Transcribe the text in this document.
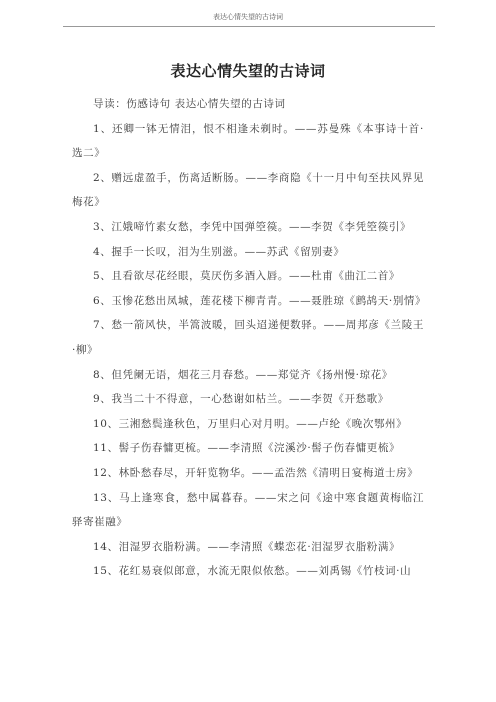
表达心情失望的古诗词
表达心情失望的古诗词

导读：伤感诗句 表达心情失望的古诗词

1、还卿一钵无情泪，恨不相逢未剃时。——苏曼殊《本事诗十首·选二》

2、赠远虚盈手，伤离适断肠。——李商隐《十一月中旬至扶风界见梅花》

3、江娥啼竹素女愁，李凭中国弹箜篌。——李贺《李凭箜篌引》

4、握手一长叹，泪为生别滋。——苏武《留别妻》

5、且看欲尽花经眼，莫厌伤多酒入唇。——杜甫《曲江二首》

6、玉惨花愁出凤城，莲花楼下柳青青。——聂胜琼《鹧鸪天·别情》

7、愁一箭风快，半篙波暖，回头迢递便数驿。——周邦彦《兰陵王·柳》

8、但凭阑无语，烟花三月春愁。——郑觉齐《扬州慢·琼花》

9、我当二十不得意，一心愁谢如枯兰。——李贺《开愁歌》

10、三湘愁鬓逢秋色，万里归心对月明。——卢纶《晚次鄂州》

11、髻子伤春慵更梳。——李清照《浣溪沙·髻子伤春慵更梳》

12、林卧愁春尽，开轩览物华。——孟浩然《清明日宴梅道士房》

13、马上逢寒食，愁中属暮春。——宋之问《途中寒食题黄梅临江驿寄崔融》

14、泪湿罗衣脂粉满。——李清照《蝶恋花·泪湿罗衣脂粉满》

15、花红易衰似郎意，水流无限似侬愁。——刘禹锡《竹枝词·山
